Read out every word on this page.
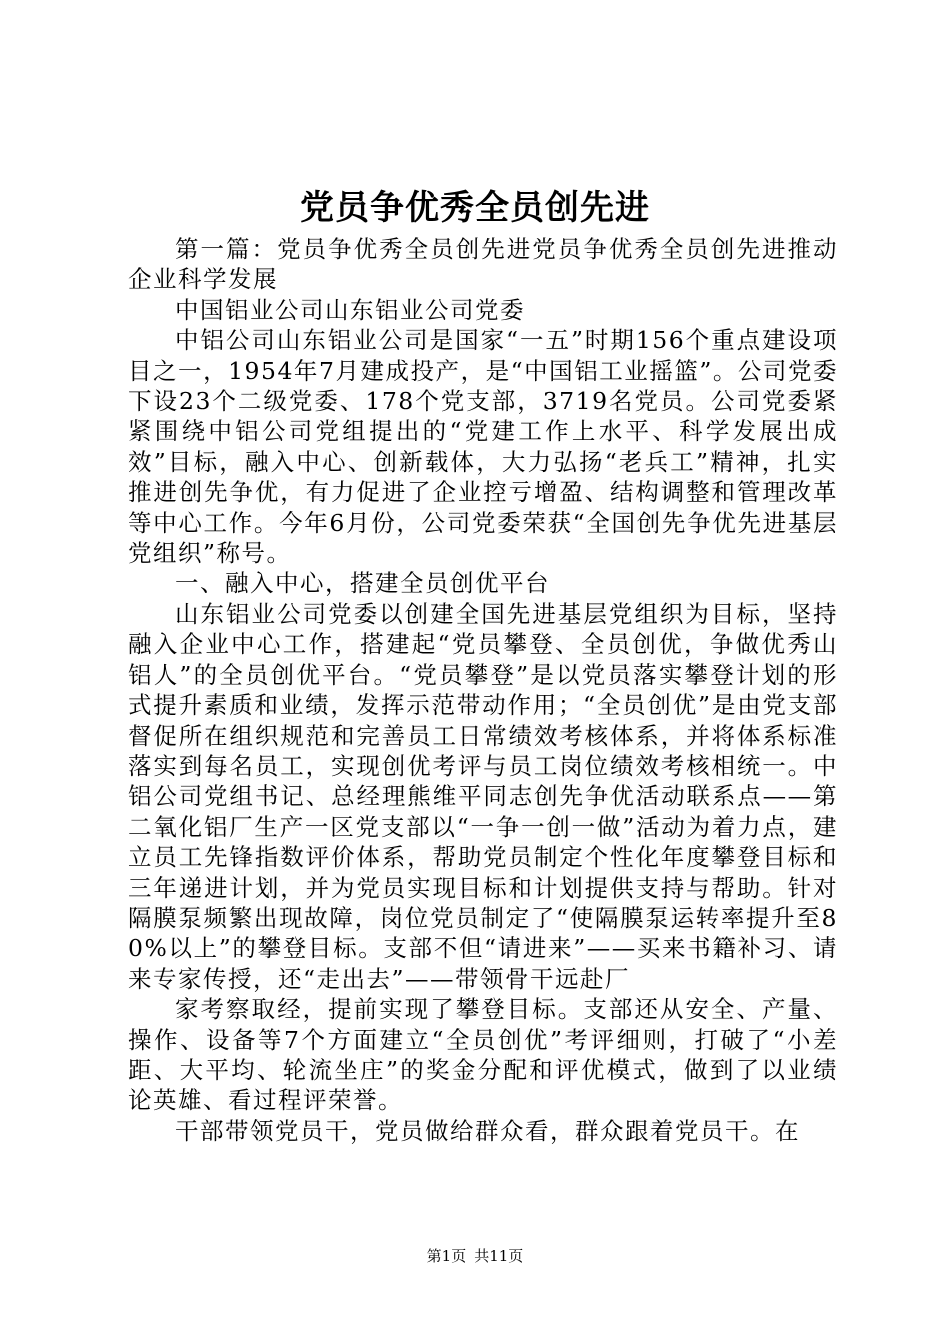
党员争优秀全员创先进

第一篇：党员争优秀全员创先进党员争优秀全员创先进推动企业科学发展

中国铝业公司山东铝业公司党委

中铝公司山东铝业公司是国家“一五”时期156个重点建设项目之一，1954年7月建成投产，是“中国铝工业摇篮”。公司党委下设23个二级党委、178个党支部，3719名党员。公司党委紧紧围绕中铝公司党组提出的“党建工作上水平、科学发展出成效”目标，融入中心、创新载体，大力弘扬“老兵工”精神，扎实推进创先争优，有力促进了企业控亏增盈、结构调整和管理改革等中心工作。今年6月份，公司党委荣获“全国创先争优先进基层党组织”称号。

一、融入中心，搭建全员创优平台

山东铝业公司党委以创建全国先进基层党组织为目标，坚持融入企业中心工作，搭建起“党员攀登、全员创优，争做优秀山铝人”的全员创优平台。“党员攀登”是以党员落实攀登计划的形式提升素质和业绩，发挥示范带动作用；“全员创优”是由党支部督促所在组织规范和完善员工日常绩效考核体系，并将体系标准落实到每名员工，实现创优考评与员工岗位绩效考核相统一。中铝公司党组书记、总经理熊维平同志创先争优活动联系点——第二氧化铝厂生产一区党支部以“一争一创一做”活动为着力点，建立员工先锋指数评价体系，帮助党员制定个性化年度攀登目标和三年递进计划，并为党员实现目标和计划提供支持与帮助。针对隔膜泵频繁出现故障，岗位党员制定了“使隔膜泵运转率提升至80%以上”的攀登目标。支部不但“请进来”——买来书籍补习、请来专家传授，还“走出去”——带领骨干远赴厂

家考察取经，提前实现了攀登目标。支部还从安全、产量、操作、设备等7个方面建立“全员创优”考评细则，打破了“小差距、大平均、轮流坐庄”的奖金分配和评优模式，做到了以业绩论英雄、看过程评荣誉。

干部带领党员干，党员做给群众看，群众跟着党员干。在

第1页 共11页
